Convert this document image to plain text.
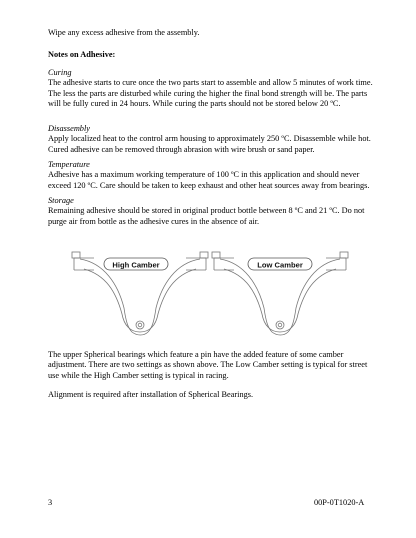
Wipe any excess adhesive from the assembly.

Notes on Adhesive:

Curing

The adhesive starts to cure once the two parts start to assemble and allow 5 minutes of work time. The less the parts are disturbed while curing the higher the final bond strength will be. The parts will be fully cured in 24 hours. While curing the parts should not be stored below 20 ºC.

Disassembly

Apply localized heat to the control arm housing to approximately 250 ºC. Disassemble while hot. Cured adhesive can be removed through abrasion with wire brush or sand paper.

Temperature

Adhesive has a maximum working temperature of 100 ºC in this application and should never exceed 120 ºC. Care should be taken to keep exhaust and other heat sources away from bearings.

Storage

Remaining adhesive should be stored in original product bottle between 8 ºC and 21 ºC. Do not purge air from bottle as the adhesive cures in the absence of air.

High Camber	Low Camber

The upper Spherical bearings which feature a pin have the added feature of some camber adjustment. There are two settings as shown above. The Low Camber setting is typical for street use while the High Camber setting is typical in racing.

Alignment is required after installation of Spherical Bearings.

3	00P-0T1020-A
